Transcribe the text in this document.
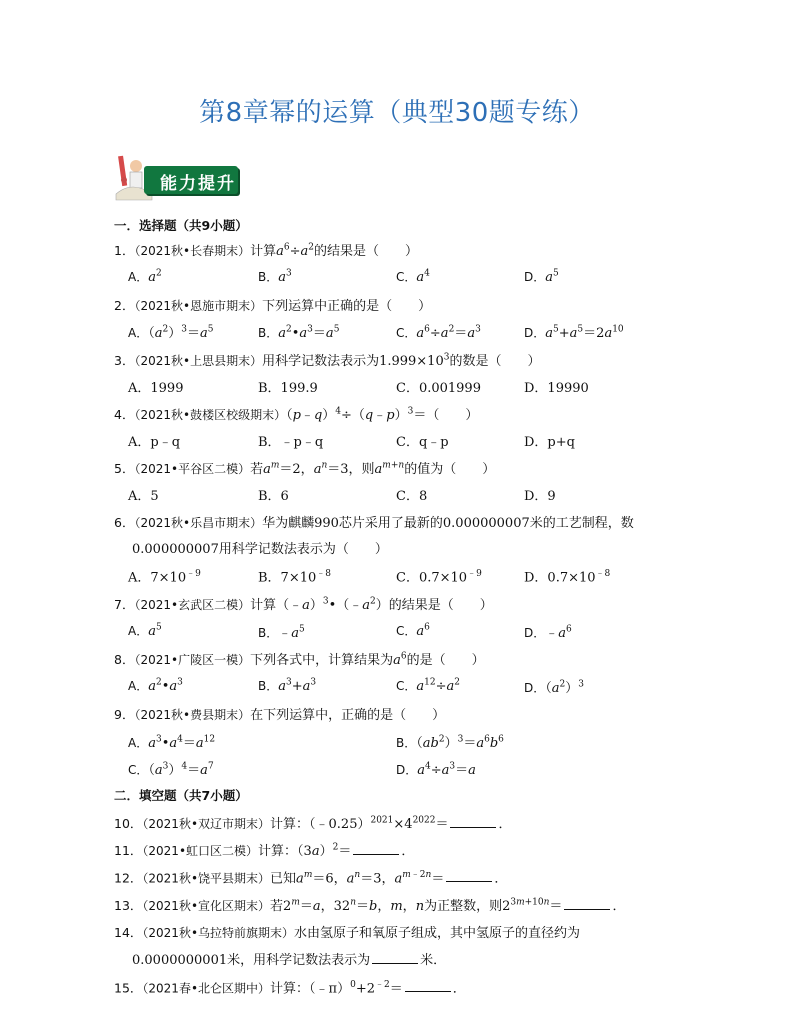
第8章幂的运算（典型30题专练）
能力提升
一．选择题（共9小题）
1．（2021秋•长春期末）计算$a^6\div a^2$的结果是（　　）
A．$a^2$	B．$a^3$	C．$a^4$	D．$a^5$
2．（2021秋•恩施市期末）下列运算中正确的是（　　）
A．$(a^2)^3=a^5$	B．$a^2•a^3=a^5$	C．$a^6\div a^2=a^3$	D．$a^5+a^5=2a^{10}$
3．（2021秋•上思县期末）用科学记数法表示为$1.999\times 10^3$的数是（　　）
A．1999	B．199.9	C．0.001999	D．19990
4．（2021秋•鼓楼区校级期末）（p﹣q）$^4$÷（q﹣p）$^3$＝（　　）
A．p﹣q	B．﹣p﹣q	C．q﹣p	D．p+q
5．（2021•平谷区二模）若$a^m=2$，$a^n=3$，则$a^{m+n}$的值为（　　）
A．5	B．6	C．8	D．9
6．（2021秋•乐昌市期末）华为麒麟990芯片采用了最新的0.000000007米的工艺制程，数
0.000000007用科学记数法表示为（　　）
A．$7\times 10^{﹣9}$	B．$7\times 10^{﹣8}$	C．$0.7\times 10^{﹣9}$	D．$0.7\times 10^{﹣8}$
7．（2021•玄武区二模）计算$(﹣a)^3•(﹣a^2)$的结果是（　　）
A．$a^5$	B．$﹣a^5$	C．$a^6$	D．$﹣a^6$
8．（2021•广陵区一模）下列各式中，计算结果为$a^6$的是（　　）
A．$a^2•a^3$	B．$a^3+a^3$	C．$a^{12}\div a^2$	D．$(a^2)^3$
9．（2021秋•费县期末）在下列运算中，正确的是（　　）
A．$a^3•a^4=a^{12}$	B．$(ab^2)^3=a^6b^6$
C．$(a^3)^4=a^7$	D．$a^4\div a^3=a$
二．填空题（共7小题）
10．（2021秋•双辽市期末）计算：$(﹣0.25)^{2021}\times 4^{2022}=$	．
11．（2021•虹口区二模）计算：$(3a)^2=$	．
12．（2021秋•饶平县期末）已知$a^m=6$，$a^n=3$，$a^{m﹣2n}=$	．
13．（2021秋•宣化区期末）若$2^m=a$，$32^n=b$，m，n为正整数，则$2^{3m+10n}=$	．
14．（2021秋•乌拉特前旗期末）水由氢原子和氧原子组成，其中氢原子的直径约为
0.0000000001米，用科学记数法表示为	米．
15．（2021春•北仑区期中）计算：$(﹣\pi)^0+2^{﹣2}=$	．
